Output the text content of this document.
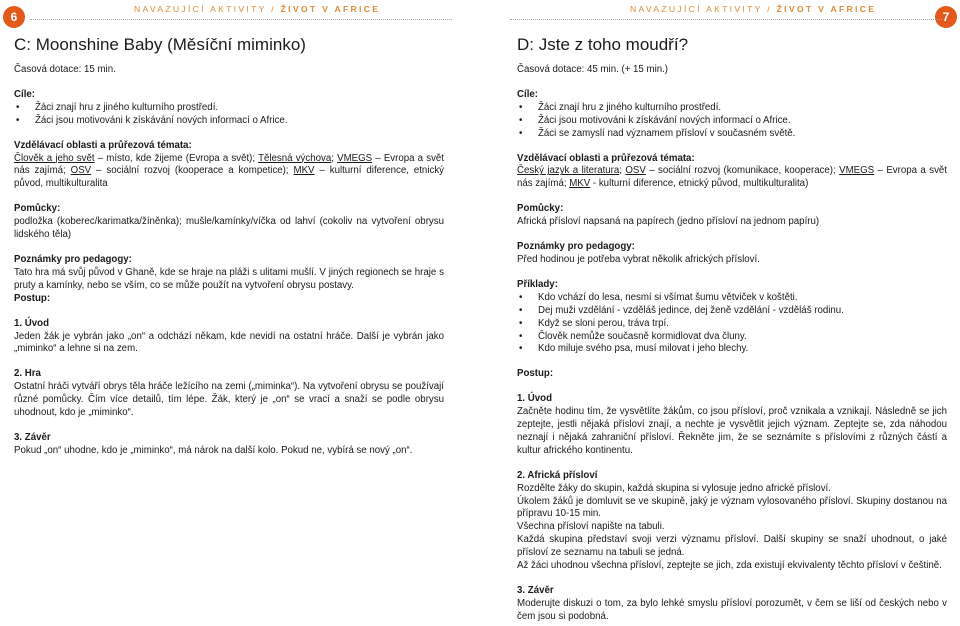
6
NAVAZUJÍCÍ AKTIVITY / ŽIVOT V AFRICE
C: Moonshine Baby (Měsíční miminko)

Časová dotace: 15 min.

Cíle:

• Žáci znají hru z jiného kulturního prostředí.
• Žáci jsou motivováni k získávání nových informací o Africe.

Vzdělávací oblasti a průřezová témata:

Člověk a jeho svět – místo, kde žijeme (Evropa a svět); Tělesná výchova; VMEGS – Evropa a svět nás zajímá; OSV – sociální rozvoj (kooperace a kompetice); MKV – kulturní diference, etnický původ, multikulturalita

Pomůcky:

podložka (koberec/karimatka/žíněnka); mušle/kamínky/víčka od lahví (cokoliv na vytvoření obrysu lidského těla)

Poznámky pro pedagogy:

Tato hra má svůj původ v Ghaně, kde se hraje na pláži s ulitami mušlí. V jiných regionech se hraje s pruty a kamínky, nebo se vším, co se může použít na vytvoření obrysu postavy.

Postup:

1. Úvod

Jeden žák je vybrán jako „on“ a odchází někam, kde nevidí na ostatní hráče. Další je vybrán jako „miminko“ a lehne si na zem.

2. Hra

Ostatní hráči vytváří obrys těla hráče ležícího na zemi („miminka“). Na vytvoření obrysu se používají různé pomůcky. Čím více detailů, tím lépe. Žák, který je „on“ se vrací a snaží se podle obrysu uhodnout, kdo je „miminko“.

3. Závěr

Pokud „on“ uhodne, kdo je „miminko“, má nárok na další kolo. Pokud ne, vybírá se nový „on“.

7
NAVAZUJÍCÍ AKTIVITY / ŽIVOT V AFRICE
D: Jste z toho moudří?

Časová dotace: 45 min. (+ 15 min.)

Cíle:

• Žáci znají hru z jiného kulturního prostředí.
• Žáci jsou motivováni k získávání nových informací o Africe.
• Žáci se zamyslí nad významem přísloví v současném světě.

Vzdělávací oblasti a průřezová témata:

Český jazyk a literatura; OSV – sociální rozvoj (komunikace, kooperace); VMEGS – Evropa a svět nás zajímá; MKV - kulturní diference, etnický původ, multikulturalita)

Pomůcky:

Africká přísloví napsaná na papírech (jedno přísloví na jednom papíru)

Poznámky pro pedagogy:

Před hodinou je potřeba vybrat několik afrických přísloví.

Příklady:

• Kdo vchází do lesa, nesmí si všímat šumu větviček v koštěti.
• Dej muži vzdělání - vzděláš jedince, dej ženě vzdělání - vzděláš rodinu.
• Když se sloni perou, tráva trpí.
• Člověk nemůže současně kormidlovat dva čluny.
• Kdo miluje svého psa, musí milovat i jeho blechy.

Postup:

1. Úvod

Začněte hodinu tím, že vysvětlíte žákům, co jsou přísloví, proč vznikala a vznikají. Následně se jich zeptejte, jestli nějaká přísloví znají, a nechte je vysvětlit jejich význam. Zeptejte se, zda náhodou neznají i nějaká zahraniční přísloví. Řekněte jim, že se seznámíte s příslovími z různých částí a kultur afrického kontinentu.

2. Africká přísloví

Rozdělte žáky do skupin, každá skupina si vylosuje jedno africké přísloví.

Úkolem žáků je domluvit se ve skupině, jaký je význam vylosovaného přísloví. Skupiny dostanou na přípravu 10-15 min.

Všechna přísloví napište na tabuli.

Každá skupina představí svoji verzi významu přísloví. Další skupiny se snaží uhodnout, o jaké přísloví ze seznamu na tabuli se jedná.

Až žáci uhodnou všechna přísloví, zeptejte se jich, zda existují ekvivalenty těchto přísloví v češtině.

3. Závěr

Moderujte diskuzi o tom, za bylo lehké smyslu přísloví porozumět, v čem se liší od českých nebo v čem jsou si podobná.
